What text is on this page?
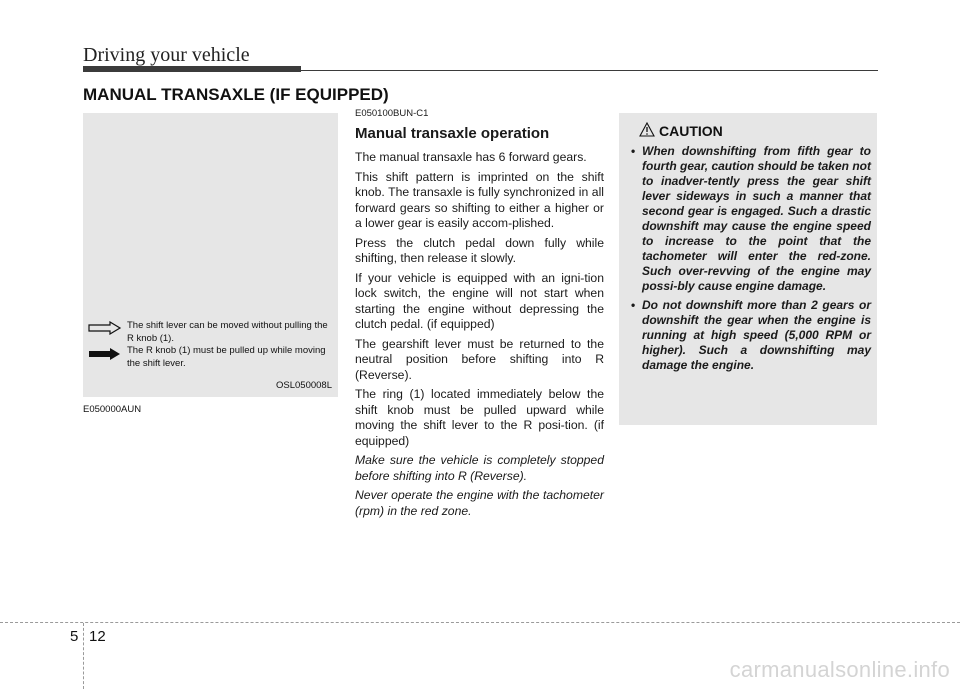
Driving your vehicle
MANUAL TRANSAXLE (IF EQUIPPED)
The shift lever can be moved without pulling the R knob (1).
The R knob (1) must be pulled up while moving the shift lever.
OSL050008L
E050000AUN
E050100BUN-C1
Manual transaxle operation

The manual transaxle has 6 forward gears.

This shift pattern is imprinted on the shift knob. The transaxle is fully synchronized in all forward gears so shifting to either a higher or a lower gear is easily accom-plished.

Press the clutch pedal down fully while shifting, then release it slowly.

If your vehicle is equipped with an igni-tion lock switch, the engine will not start when starting the engine without depressing the clutch pedal. (if equipped)

The gearshift lever must be returned to the neutral position before shifting into R (Reverse).

The ring (1) located immediately below the shift knob must be pulled upward while moving the shift lever to the R posi-tion. (if equipped)

Make sure the vehicle is completely stopped before shifting into R (Reverse).

Never operate the engine with the tachometer (rpm) in the red zone.

CAUTION
• When downshifting from fifth gear to fourth gear, caution should be taken not to inadver-tently press the gear shift lever sideways in such a manner that second gear is engaged. Such a drastic downshift may cause the engine speed to increase to the point that the tachometer will enter the red-zone. Such over-revving of the engine may possi-bly cause engine damage.
• Do not downshift more than 2 gears or downshift the gear when the engine is running at high speed (5,000 RPM or higher). Such a downshifting may damage the engine.
5 12
carmanualsonline.info
